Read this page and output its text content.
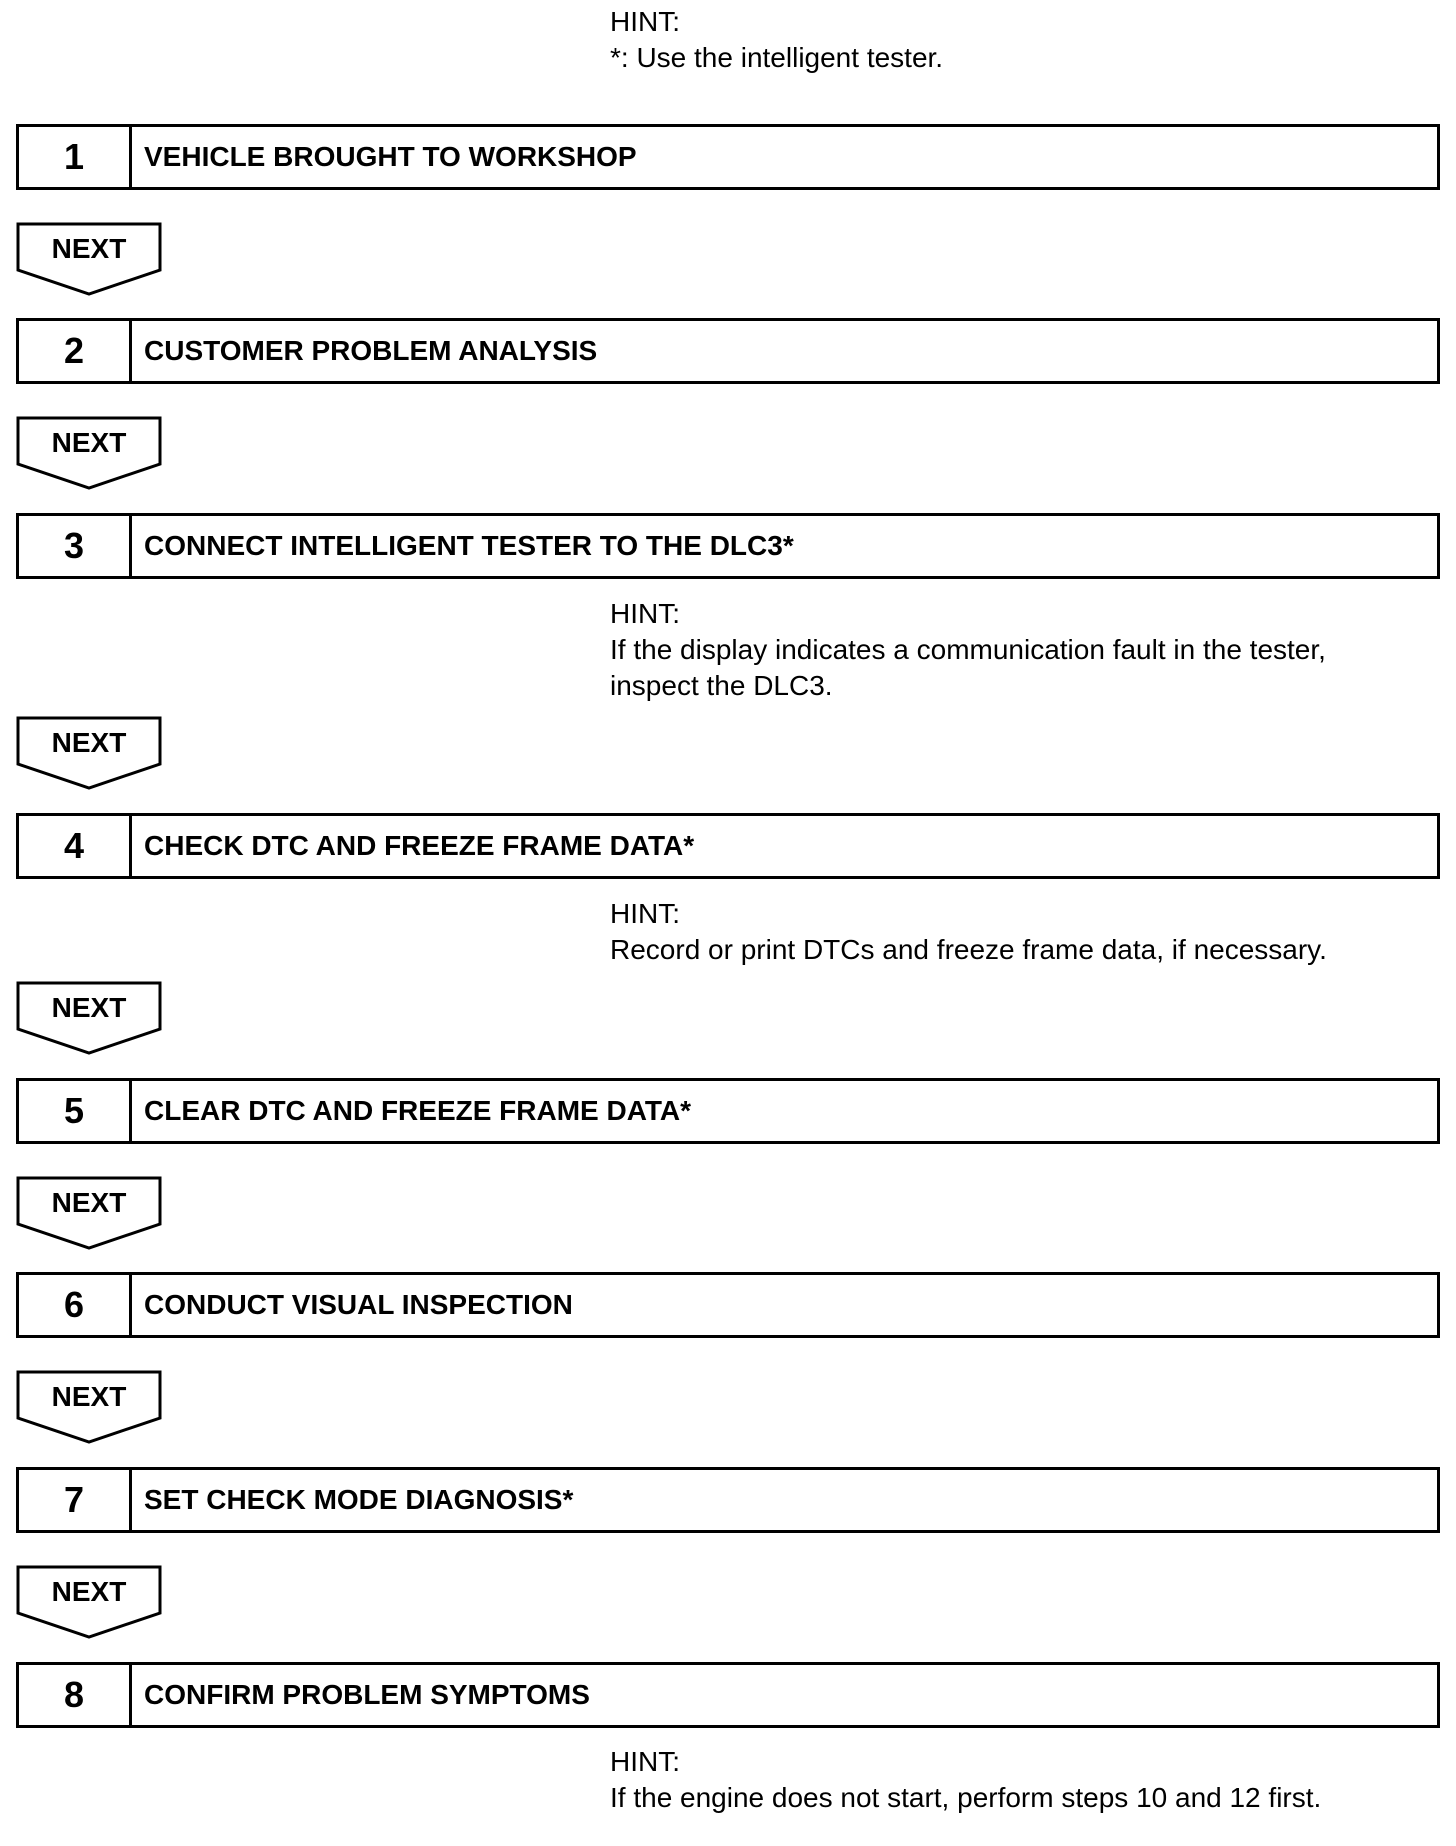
HINT:
*: Use the intelligent tester.
1	VEHICLE BROUGHT TO WORKSHOP
NEXT
2	CUSTOMER PROBLEM ANALYSIS
NEXT
3	CONNECT INTELLIGENT TESTER TO THE DLC3*
HINT:
If the display indicates a communication fault in the tester,
inspect the DLC3.
NEXT
4	CHECK DTC AND FREEZE FRAME DATA*
HINT:
Record or print DTCs and freeze frame data, if necessary.
NEXT
5	CLEAR DTC AND FREEZE FRAME DATA*
NEXT
6	CONDUCT VISUAL INSPECTION
NEXT
7	SET CHECK MODE DIAGNOSIS*
NEXT
8	CONFIRM PROBLEM SYMPTOMS
HINT:
If the engine does not start, perform steps 10 and 12 first.
